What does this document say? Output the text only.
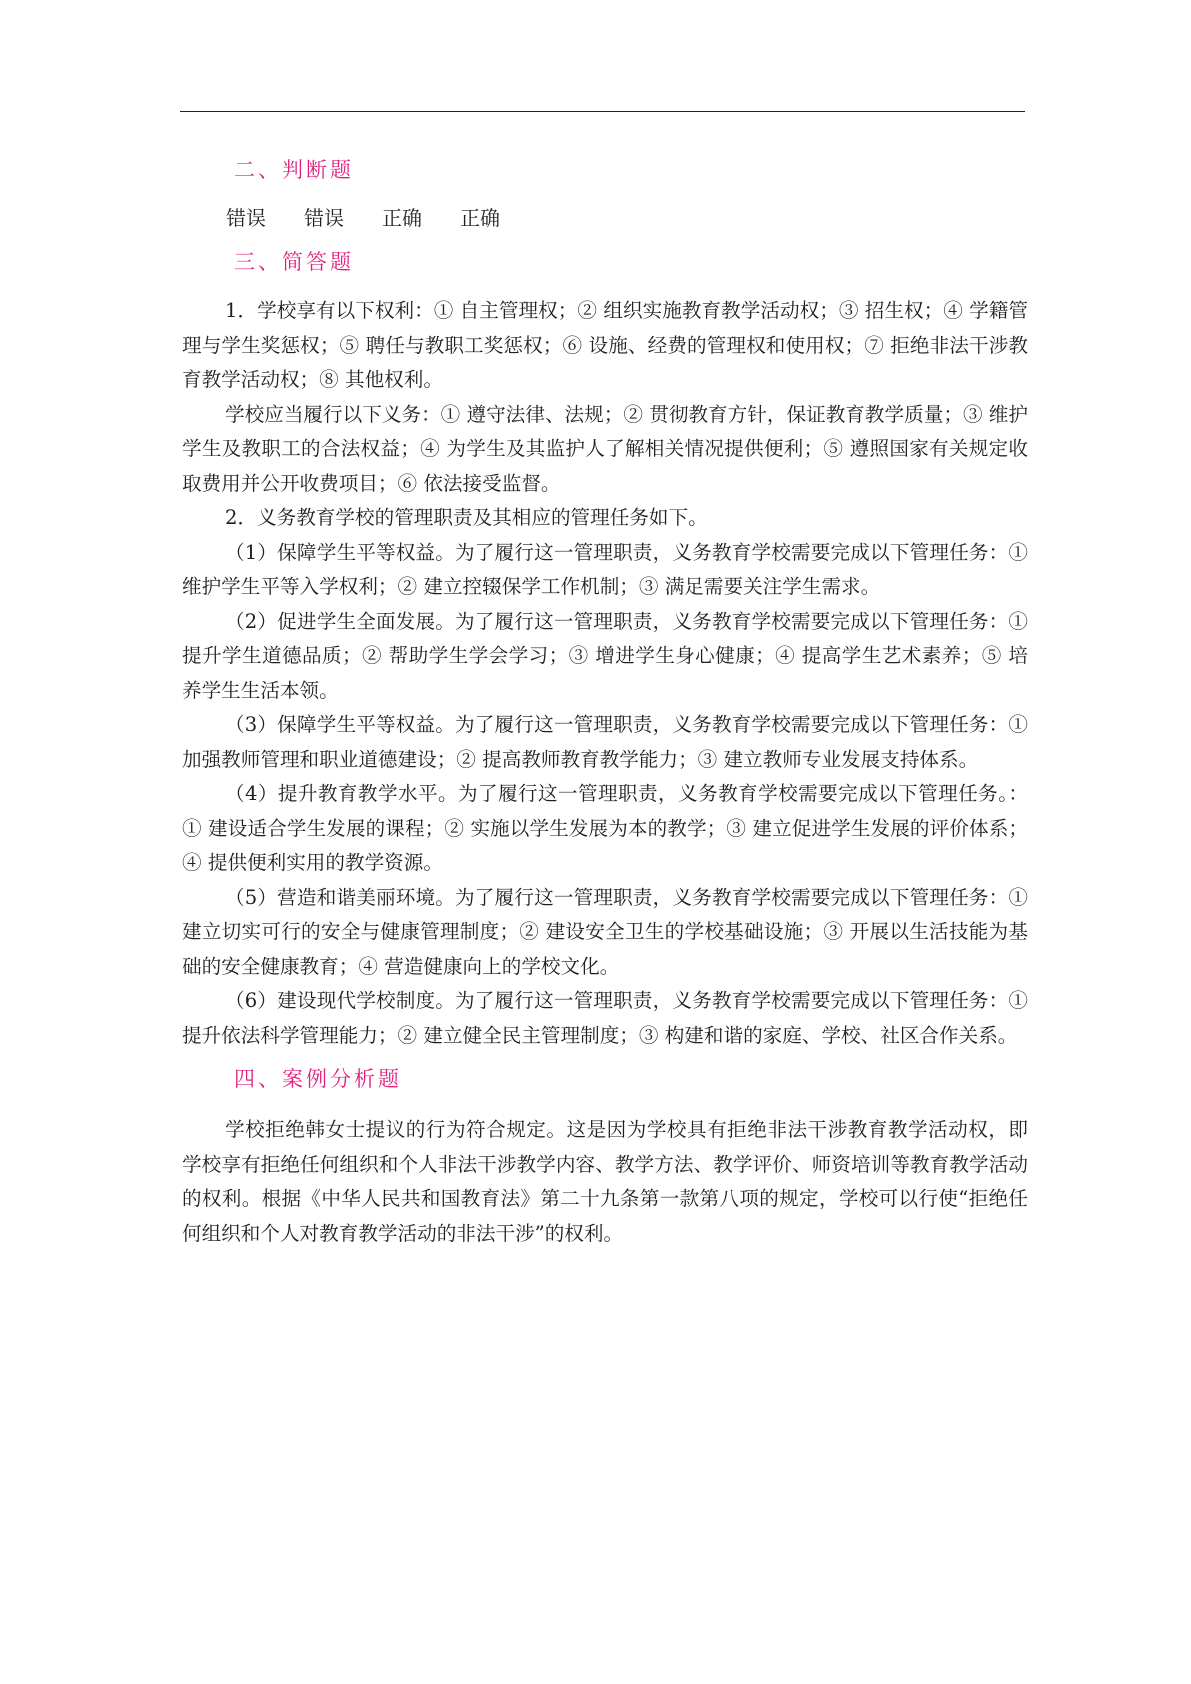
二、判断题
错误 错误 正确 正确
三、简答题

1．学校享有以下权利：① 自主管理权；② 组织实施教育教学活动权；③ 招生权；④ 学籍管理与学生奖惩权；⑤ 聘任与教职工奖惩权；⑥ 设施、经费的管理权和使用权；⑦ 拒绝非法干涉教育教学活动权；⑧ 其他权利。

学校应当履行以下义务：① 遵守法律、法规；② 贯彻教育方针，保证教育教学质量；③ 维护学生及教职工的合法权益；④ 为学生及其监护人了解相关情况提供便利；⑤ 遵照国家有关规定收取费用并公开收费项目；⑥ 依法接受监督。

2．义务教育学校的管理职责及其相应的管理任务如下。

（1）保障学生平等权益。为了履行这一管理职责，义务教育学校需要完成以下管理任务：① 维护学生平等入学权利；② 建立控辍保学工作机制；③ 满足需要关注学生需求。

（2）促进学生全面发展。为了履行这一管理职责，义务教育学校需要完成以下管理任务：① 提升学生道德品质；② 帮助学生学会学习；③ 增进学生身心健康；④ 提高学生艺术素养；⑤ 培养学生生活本领。

（3）保障学生平等权益。为了履行这一管理职责，义务教育学校需要完成以下管理任务：① 加强教师管理和职业道德建设；② 提高教师教育教学能力；③ 建立教师专业发展支持体系。

（4）提升教育教学水平。为了履行这一管理职责，义务教育学校需要完成以下管理任务。：① 建设适合学生发展的课程；② 实施以学生发展为本的教学；③ 建立促进学生发展的评价体系；④ 提供便利实用的教学资源。

（5）营造和谐美丽环境。为了履行这一管理职责，义务教育学校需要完成以下管理任务：① 建立切实可行的安全与健康管理制度；② 建设安全卫生的学校基础设施；③ 开展以生活技能为基础的安全健康教育；④ 营造健康向上的学校文化。

（6）建设现代学校制度。为了履行这一管理职责，义务教育学校需要完成以下管理任务：① 提升依法科学管理能力；② 建立健全民主管理制度；③ 构建和谐的家庭、学校、社区合作关系。

四、案例分析题

学校拒绝韩女士提议的行为符合规定。这是因为学校具有拒绝非法干涉教育教学活动权，即学校享有拒绝任何组织和个人非法干涉教学内容、教学方法、教学评价、师资培训等教育教学活动的权利。根据《中华人民共和国教育法》第二十九条第一款第八项的规定，学校可以行使“拒绝任何组织和个人对教育教学活动的非法干涉”的权利。
